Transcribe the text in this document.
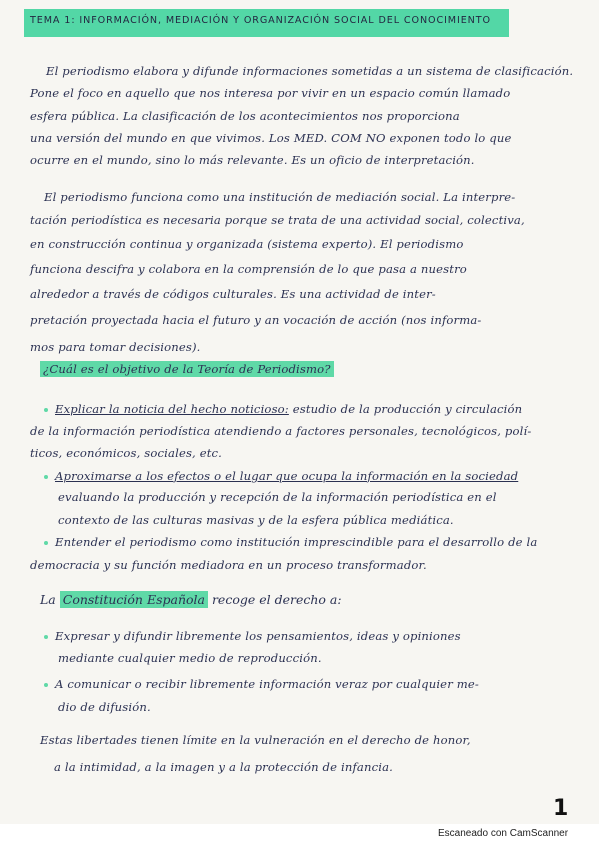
TEMA 1: INFORMACIÓN, MEDIACIÓN Y ORGANIZACIÓN SOCIAL DEL CONOCIMIENTO
El periodismo elabora y difunde informaciones sometidas a un sistema de clasificación.
Pone el foco en aquello que nos interesa por vivir en un espacio común llamado
esfera pública. La clasificación de los acontecimientos nos proporciona
una versión del mundo en que vivimos. Los MED. COM NO exponen todo lo que
ocurre en el mundo, sino lo más relevante. Es un oficio de interpretación.
El periodismo funciona como una institución de mediación social. La interpre-
tación periodística es necesaria porque se trata de una actividad social, colectiva,
en construcción continua y organizada (sistema experto). El periodismo
funciona descifra y colabora en la comprensión de lo que pasa a nuestro
alrededor a través de códigos culturales. Es una actividad de inter-
pretación proyectada hacia el futuro y an vocación de acción (nos informa-
mos para tomar decisiones).
¿Cuál es el objetivo de la Teoría de Periodismo?
Explicar la noticia del hecho noticioso: estudio de la producción y circulación
de la información periodística atendiendo a factores personales, tecnológicos, polí-
ticos, económicos, sociales, etc.
Aproximarse a los efectos o el lugar que ocupa la información en la sociedad
evaluando la producción y recepción de la información periodística en el
contexto de las culturas masivas y de la esfera pública mediática.
Entender el periodismo como institución imprescindible para el desarrollo de la
democracia y su función mediadora en un proceso transformador.
La Constitución Española recoge el derecho a:
Expresar y difundir libremente los pensamientos, ideas y opiniones
mediante cualquier medio de reproducción.
A comunicar o recibir libremente información veraz por cualquier me-
dio de difusión.
Estas libertades tienen límite en la vulneración en el derecho de honor,
a la intimidad, a la imagen y a la protección de infancia.
1
Escaneado con CamScanner
